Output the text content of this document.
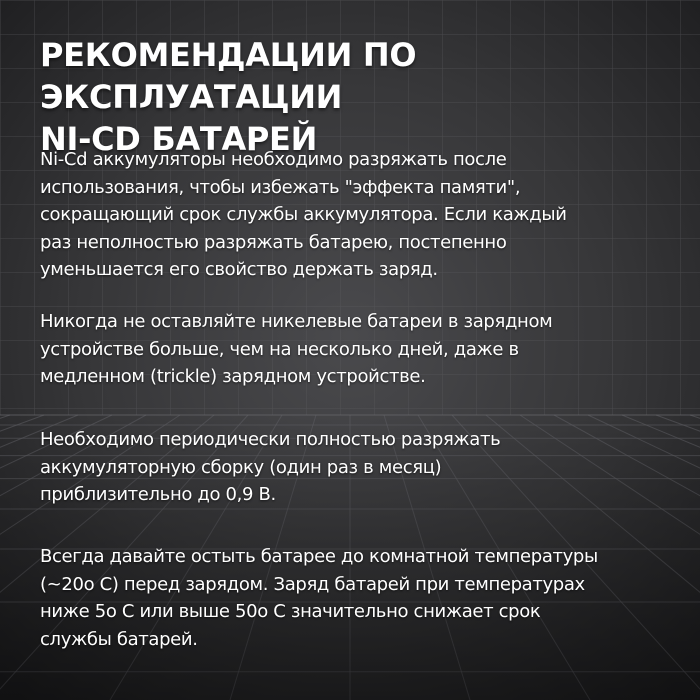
РЕКОМЕНДАЦИИ ПО ЭКСПЛУАТАЦИИ
NI-CD БАТАРЕЙ

Ni-Cd аккумуляторы необходимо разряжать после
использования, чтобы избежать "эффекта памяти",
сокращающий срок службы аккумулятора. Если каждый
раз неполностью разряжать батарею, постепенно
уменьшается его свойство держать заряд.

Никогда не оставляйте никелевые батареи в зарядном
устройстве больше, чем на несколько дней, даже в
медленном (trickle) зарядном устройстве.

Необходимо периодически полностью разряжать
аккумуляторную сборку (один раз в месяц)
приблизительно до 0,9 В.

Всегда давайте остыть батарее до комнатной температуры
(~20o C) перед зарядом. Заряд батарей при температурах
ниже 5o C или выше 50o C значительно снижает срок
службы батарей.
